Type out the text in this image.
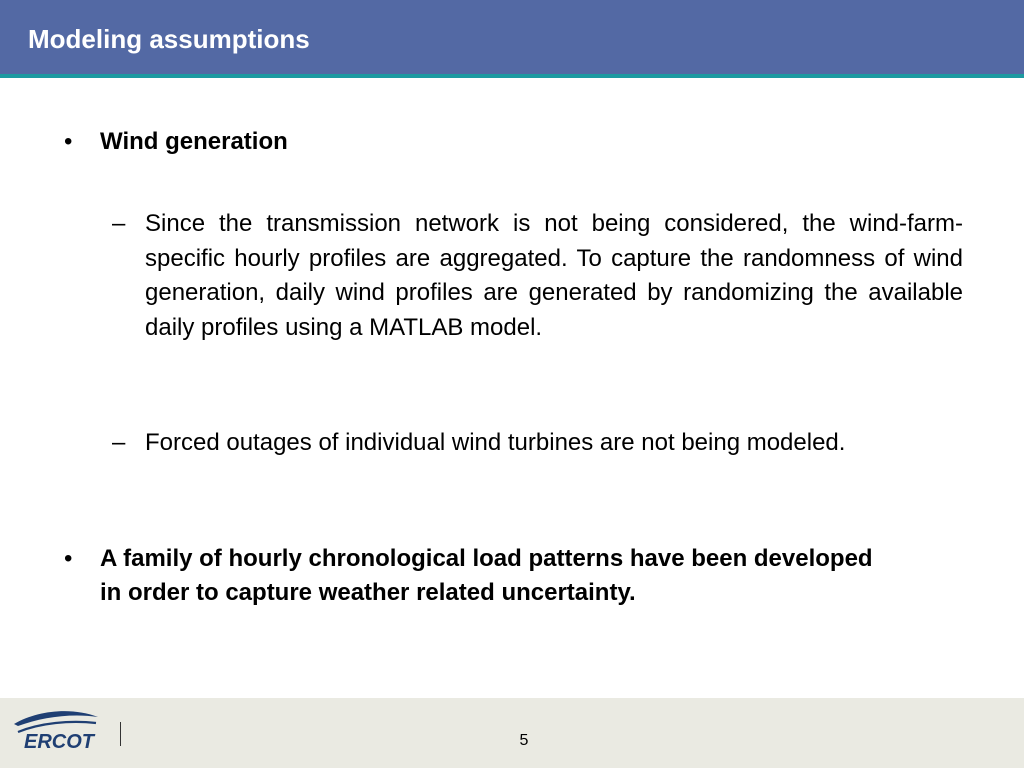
Modeling assumptions
•	Wind generation
– Since the transmission network is not being considered, the wind-farm-specific hourly profiles are aggregated. To capture the randomness of wind generation, daily wind profiles are generated by randomizing the available daily profiles using a MATLAB model.
– Forced outages of individual wind turbines are not being modeled.
•	A family of hourly chronological load patterns have been developed in order to capture weather related uncertainty.
ERCOT	5
